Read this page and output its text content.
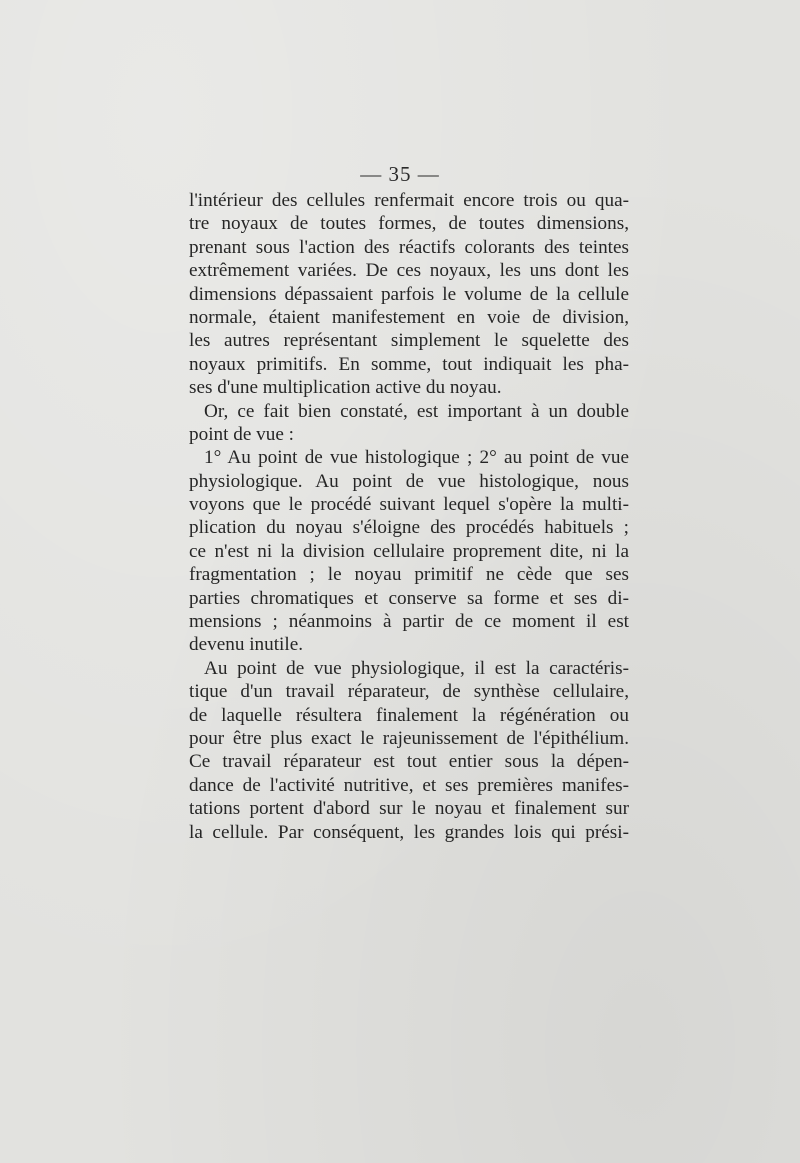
— 35 —

l'intérieur des cellules renfermait encore trois ou qua-
tre noyaux de toutes formes, de toutes dimensions,
prenant sous l'action des réactifs colorants des teintes
extrêmement variées. De ces noyaux, les uns dont les
dimensions dépassaient parfois le volume de la cellule
normale, étaient manifestement en voie de division,
les autres représentant simplement le squelette des
noyaux primitifs. En somme, tout indiquait les pha-
ses d'une multiplication active du noyau.
Or, ce fait bien constaté, est important à un double
point de vue :
1° Au point de vue histologique ; 2° au point de vue
physiologique. Au point de vue histologique, nous
voyons que le procédé suivant lequel s'opère la multi-
plication du noyau s'éloigne des procédés habituels ;
ce n'est ni la division cellulaire proprement dite, ni la
fragmentation ; le noyau primitif ne cède que ses
parties chromatiques et conserve sa forme et ses di-
mensions ; néanmoins à partir de ce moment il est
devenu inutile.
Au point de vue physiologique, il est la caractéris-
tique d'un travail réparateur, de synthèse cellulaire,
de laquelle résultera finalement la régénération ou
pour être plus exact le rajeunissement de l'épithélium.
Ce travail réparateur est tout entier sous la dépen-
dance de l'activité nutritive, et ses premières manifes-
tations portent d'abord sur le noyau et finalement sur
la cellule. Par conséquent, les grandes lois qui prési-
